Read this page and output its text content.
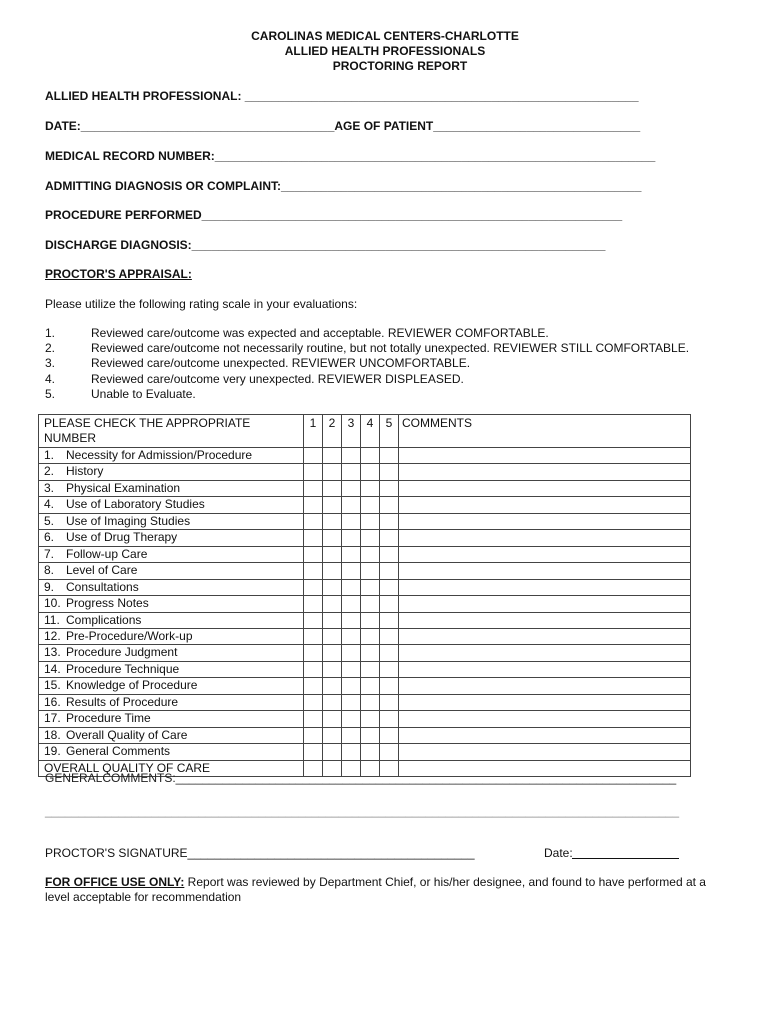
CAROLINAS MEDICAL CENTERS-CHARLOTTE
ALLIED HEALTH PROFESSIONALS
PROCTORING REPORT
ALLIED HEALTH PROFESSIONAL: ___________________________________________________________
DATE:______________________________________AGE OF PATIENT_______________________________
MEDICAL RECORD NUMBER:__________________________________________________________________
ADMITTING DIAGNOSIS OR COMPLAINT:______________________________________________________
PROCEDURE PERFORMED_______________________________________________________________
DISCHARGE DIAGNOSIS:______________________________________________________________
PROCTOR'S APPRAISAL:
Please utilize the following rating scale in your evaluations:
1.	Reviewed care/outcome was expected and acceptable. REVIEWER COMFORTABLE.
2.	Reviewed care/outcome not necessarily routine, but not totally unexpected. REVIEWER STILL COMFORTABLE.
3.	Reviewed care/outcome unexpected. REVIEWER UNCOMFORTABLE.
4.	Reviewed care/outcome very unexpected. REVIEWER DISPLEASED.
5.	Unable to Evaluate.
PLEASE CHECK THE APPROPRIATE
NUMBER	1	2	3	4	5	COMMENTS
1. Necessity for Admission/Procedure						
2. History						
3. Physical Examination						
4. Use of Laboratory Studies						
5. Use of Imaging Studies						
6. Use of Drug Therapy						
7. Follow-up Care						
8. Level of Care						
9. Consultations						
10. Progress Notes						
11. Complications						
12. Pre-Procedure/Work-up						
13. Procedure Judgment						
14. Procedure Technique						
15. Knowledge of Procedure						
16. Results of Procedure						
17. Procedure Time						
18. Overall Quality of Care						
19. General Comments						
OVERALL QUALITY OF CARE						
GENERALCOMMENTS:___________________________________________________________________________
_______________________________________________________________________________________________
PROCTOR'S SIGNATURE___________________________________________	Date:
FOR OFFICE USE ONLY: Report was reviewed by Department Chief, or his/her designee, and found to have performed at a
level acceptable for recommendation
